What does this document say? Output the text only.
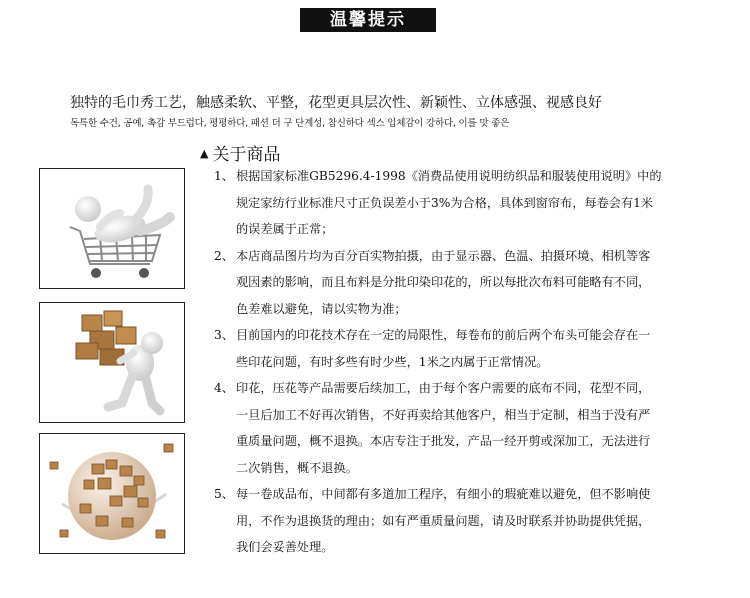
温馨提示
独特的毛巾秀工艺，触感柔软、平整，花型更具层次性、新颖性、立体感强、视感良好
독특한 수건, 공예, 촉감 부드럽다, 평평하다, 패션 더 구 단계성, 참신하다 섹스 입체감이 강하다, 이를 맛 좋은
▲ 关于商品
1、 根据国家标准GB5296.4-1998《消费品使用说明纺织品和服装使用说明》中的
规定家纺行业标准尺寸正负误差小于3%为合格，具体到窗帘布，每卷会有1米
的误差属于正常；
2、 本店商品图片均为百分百实物拍摄，由于显示器、色温、拍摄环境、相机等客
观因素的影响，而且布料是分批印染印花的，所以每批次布料可能略有不同，
色差难以避免，请以实物为准；
3、 目前国内的印花技术存在一定的局限性，每卷布的前后两个布头可能会存在一
些印花问题，有时多些有时少些，1米之内属于正常情况。
4、 印花，压花等产品需要后续加工，由于每个客户需要的底布不同，花型不同，
一旦后加工不好再次销售，不好再卖给其他客户，相当于定制，相当于没有严
重质量问题，概不退换。本店专注于批发，产品一经开剪或深加工，无法进行
二次销售，概不退换。
5、 每一卷成品布，中间都有多道加工程序，有细小的瑕疵难以避免，但不影响使
用，不作为退换货的理由；如有严重质量问题，请及时联系并协助提供凭据，
我们会妥善处理。
